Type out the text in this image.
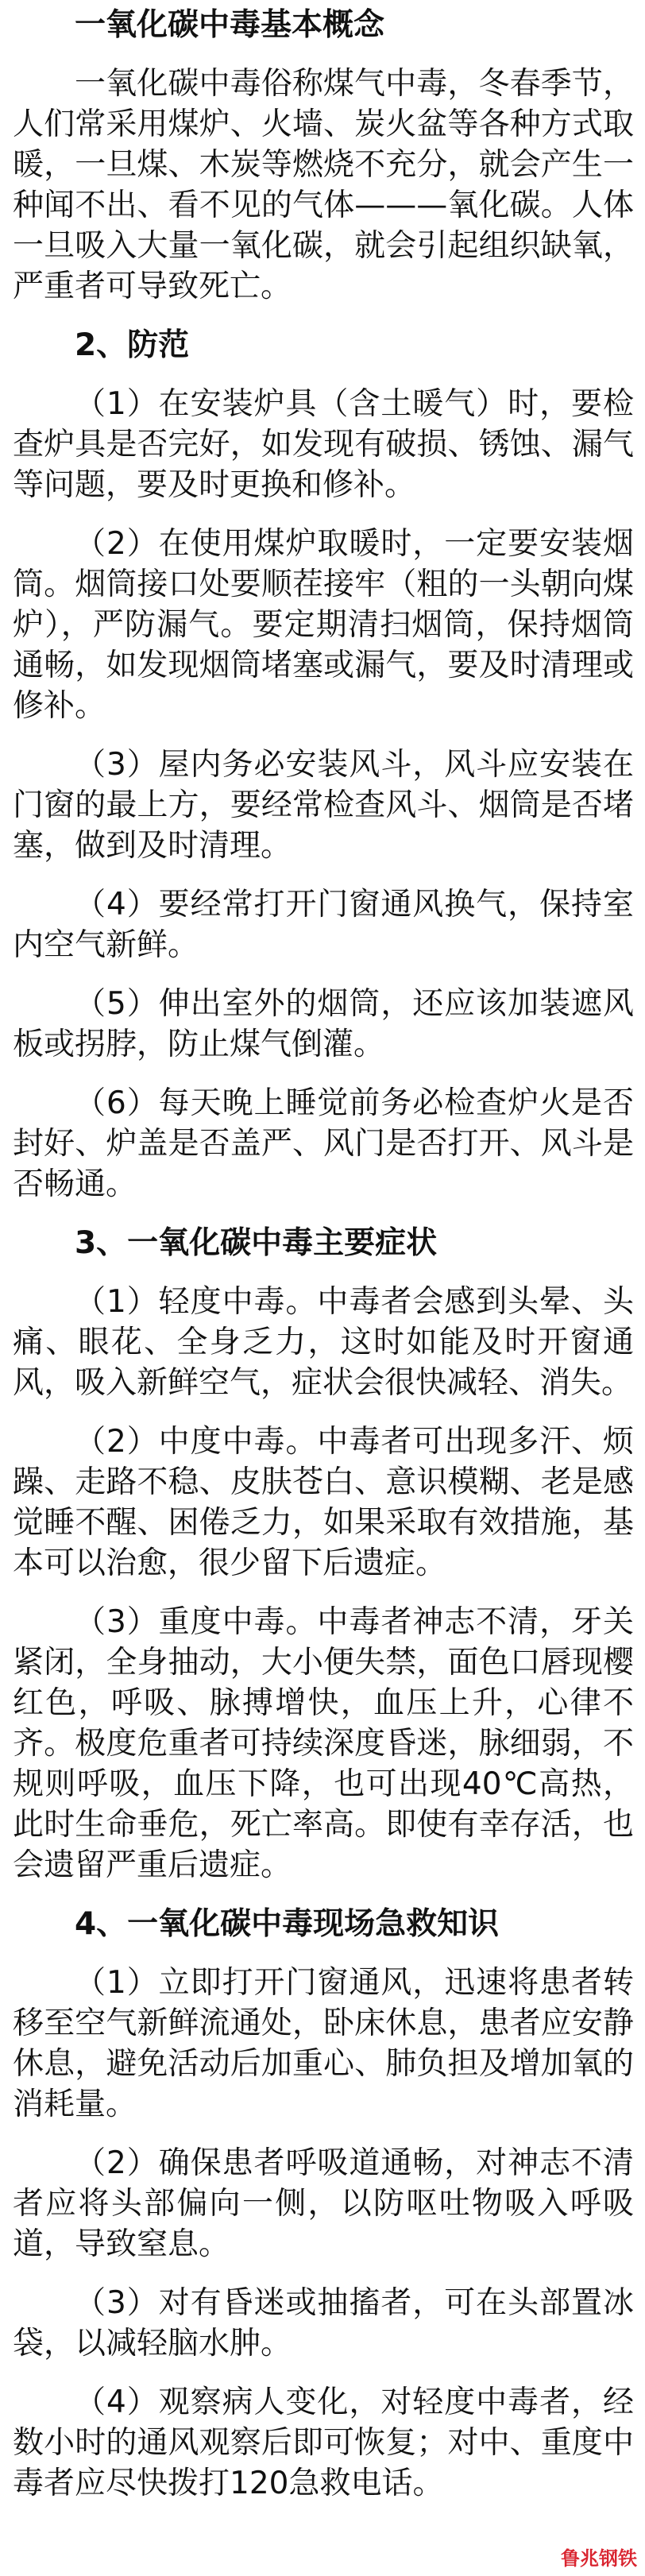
一氧化碳中毒基本概念
一氧化碳中毒俗称煤气中毒，冬春季节，人们常采用煤炉、火墙、炭火盆等各种方式取暖，一旦煤、木炭等燃烧不充分，就会产生一种闻不出、看不见的气体———氧化碳。人体一旦吸入大量一氧化碳，就会引起组织缺氧，严重者可导致死亡。
2、防范
（1）在安装炉具（含土暖气）时，要检查炉具是否完好，如发现有破损、锈蚀、漏气等问题，要及时更换和修补。
（2）在使用煤炉取暖时，一定要安装烟筒。烟筒接口处要顺茬接牢（粗的一头朝向煤炉），严防漏气。要定期清扫烟筒，保持烟筒通畅，如发现烟筒堵塞或漏气，要及时清理或修补。
（3）屋内务必安装风斗，风斗应安装在门窗的最上方，要经常检查风斗、烟筒是否堵塞，做到及时清理。
（4）要经常打开门窗通风换气，保持室内空气新鲜。
（5）伸出室外的烟筒，还应该加装遮风板或拐脖，防止煤气倒灌。
（6）每天晚上睡觉前务必检查炉火是否封好、炉盖是否盖严、风门是否打开、风斗是否畅通。
3、一氧化碳中毒主要症状
（1）轻度中毒。中毒者会感到头晕、头痛、眼花、全身乏力，这时如能及时开窗通风，吸入新鲜空气，症状会很快减轻、消失。
（2）中度中毒。中毒者可出现多汗、烦躁、走路不稳、皮肤苍白、意识模糊、老是感觉睡不醒、困倦乏力，如果采取有效措施，基本可以治愈，很少留下后遗症。
（3）重度中毒。中毒者神志不清，牙关紧闭，全身抽动，大小便失禁，面色口唇现樱红色，呼吸、脉搏增快，血压上升，心律不齐。极度危重者可持续深度昏迷，脉细弱，不规则呼吸，血压下降，也可出现40℃高热，此时生命垂危，死亡率高。即使有幸存活，也会遗留严重后遗症。
4、一氧化碳中毒现场急救知识
（1）立即打开门窗通风，迅速将患者转移至空气新鲜流通处，卧床休息，患者应安静休息，避免活动后加重心、肺负担及增加氧的消耗量。
（2）确保患者呼吸道通畅，对神志不清者应将头部偏向一侧，以防呕吐物吸入呼吸道，导致窒息。
（3）对有昏迷或抽搐者，可在头部置冰袋，以减轻脑水肿。
（4）观察病人变化，对轻度中毒者，经数小时的通风观察后即可恢复；对中、重度中毒者应尽快拨打120急救电话。
鲁兆钢铁
